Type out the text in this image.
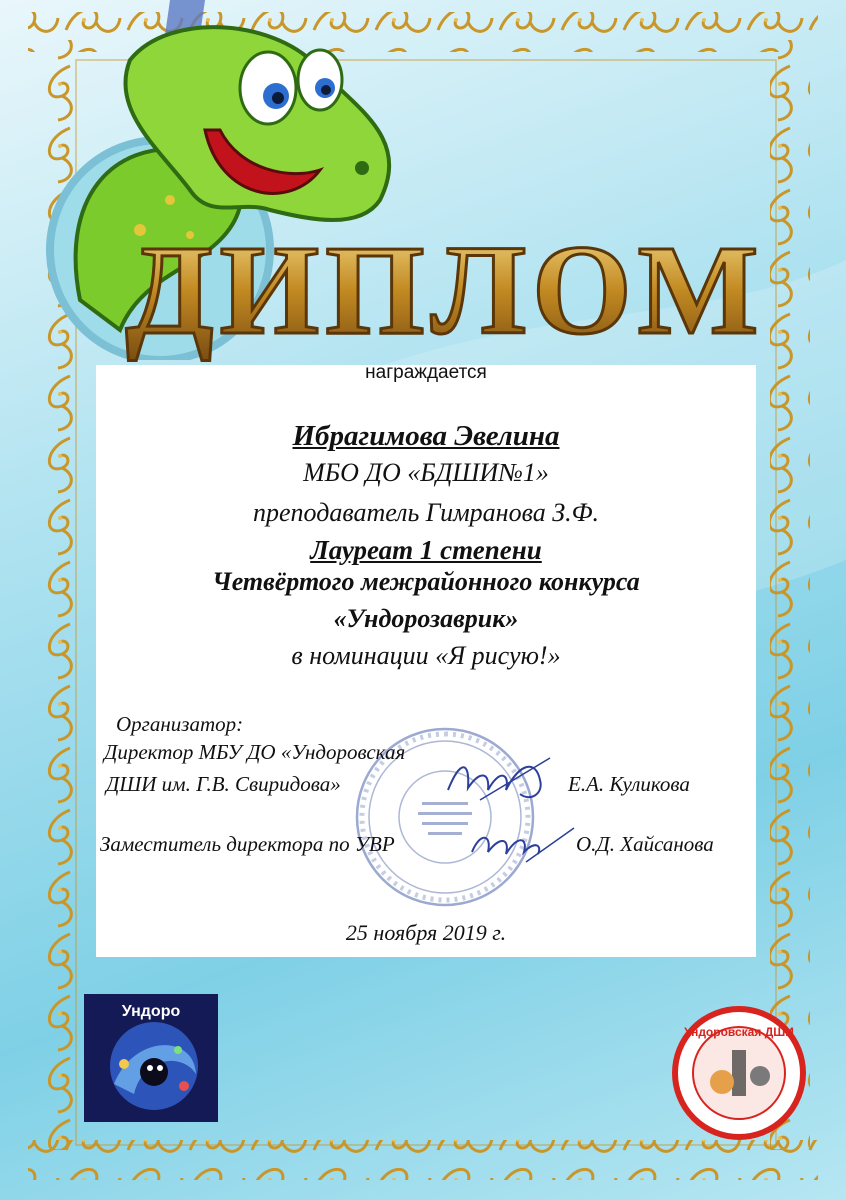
ДИПЛОМ
награждается
Ибрагимова Эвелина
МБО ДО «БДШИ№1»
преподаватель Гимранова З.Ф.
Лауреат 1 степени
Четвёртого межрайонного конкурса
«Ундорозаврик»
в номинации «Я рисую!»
Организатор:
Директор МБУ ДО «Ундоровская
ДШИ им. Г.В. Свиридова»	Е.А. Куликова
Заместитель директора по УВР	О.Д. Хайсанова
25 ноября 2019 г.
Ундоро
Ундоровская ДШИ
